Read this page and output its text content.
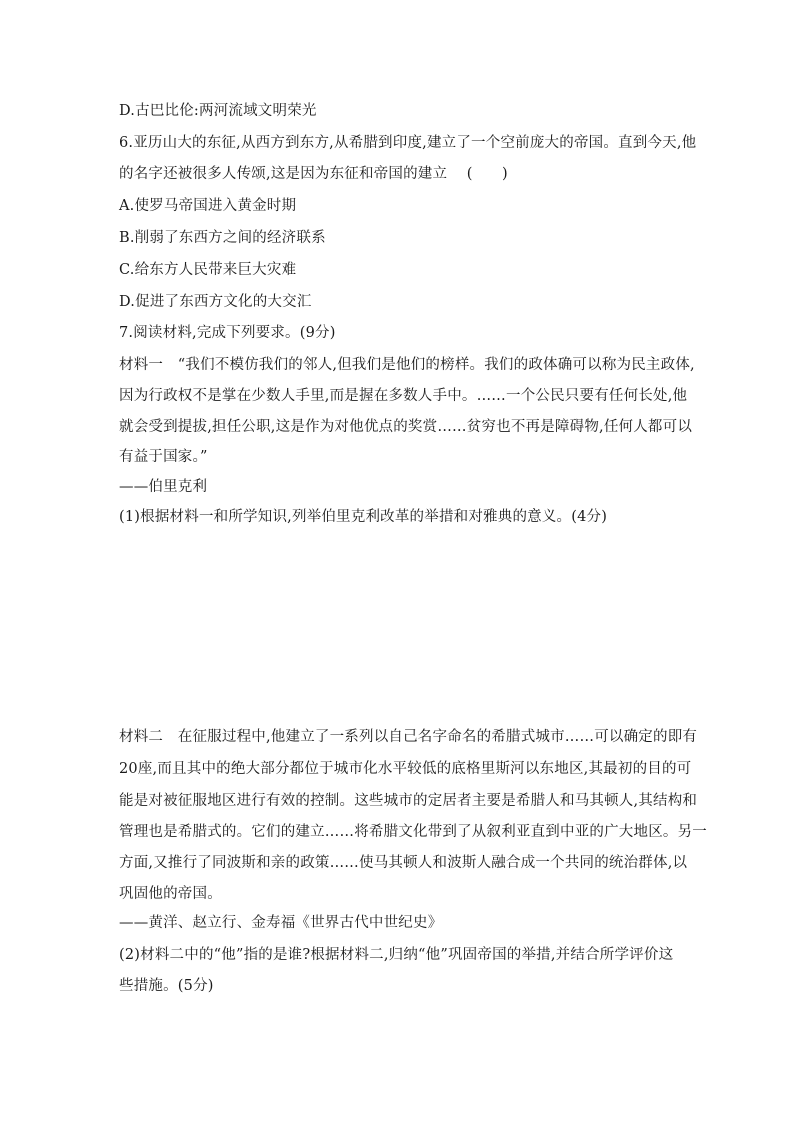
D.古巴比伦:两河流域文明荣光
6.亚历山大的东征,从西方到东方,从希腊到印度,建立了一个空前庞大的帝国。直到今天,他
的名字还被很多人传颂,这是因为东征和帝国的建立　 (　　)
A.使罗马帝国进入黄金时期
B.削弱了东西方之间的经济联系
C.给东方人民带来巨大灾难
D.促进了东西方文化的大交汇
7.阅读材料,完成下列要求。(9分)
材料一　“我们不模仿我们的邻人,但我们是他们的榜样。我们的政体确可以称为民主政体,
因为行政权不是掌在少数人手里,而是握在多数人手中。……一个公民只要有任何长处,他
就会受到提拔,担任公职,这是作为对他优点的奖赏……贫穷也不再是障碍物,任何人都可以
有益于国家。”
——伯里克利
(1)根据材料一和所学知识,列举伯里克利改革的举措和对雅典的意义。(4分)
材料二　在征服过程中,他建立了一系列以自己名字命名的希腊式城市……可以确定的即有
20座,而且其中的绝大部分都位于城市化水平较低的底格里斯河以东地区,其最初的目的可
能是对被征服地区进行有效的控制。这些城市的定居者主要是希腊人和马其顿人,其结构和
管理也是希腊式的。它们的建立……将希腊文化带到了从叙利亚直到中亚的广大地区。另一
方面,又推行了同波斯和亲的政策……使马其顿人和波斯人融合成一个共同的统治群体,以
巩固他的帝国。
——黄洋、赵立行、金寿福《世界古代中世纪史》
(2)材料二中的“他”指的是谁?根据材料二,归纳“他”巩固帝国的举措,并结合所学评价这
些措施。(5分)
